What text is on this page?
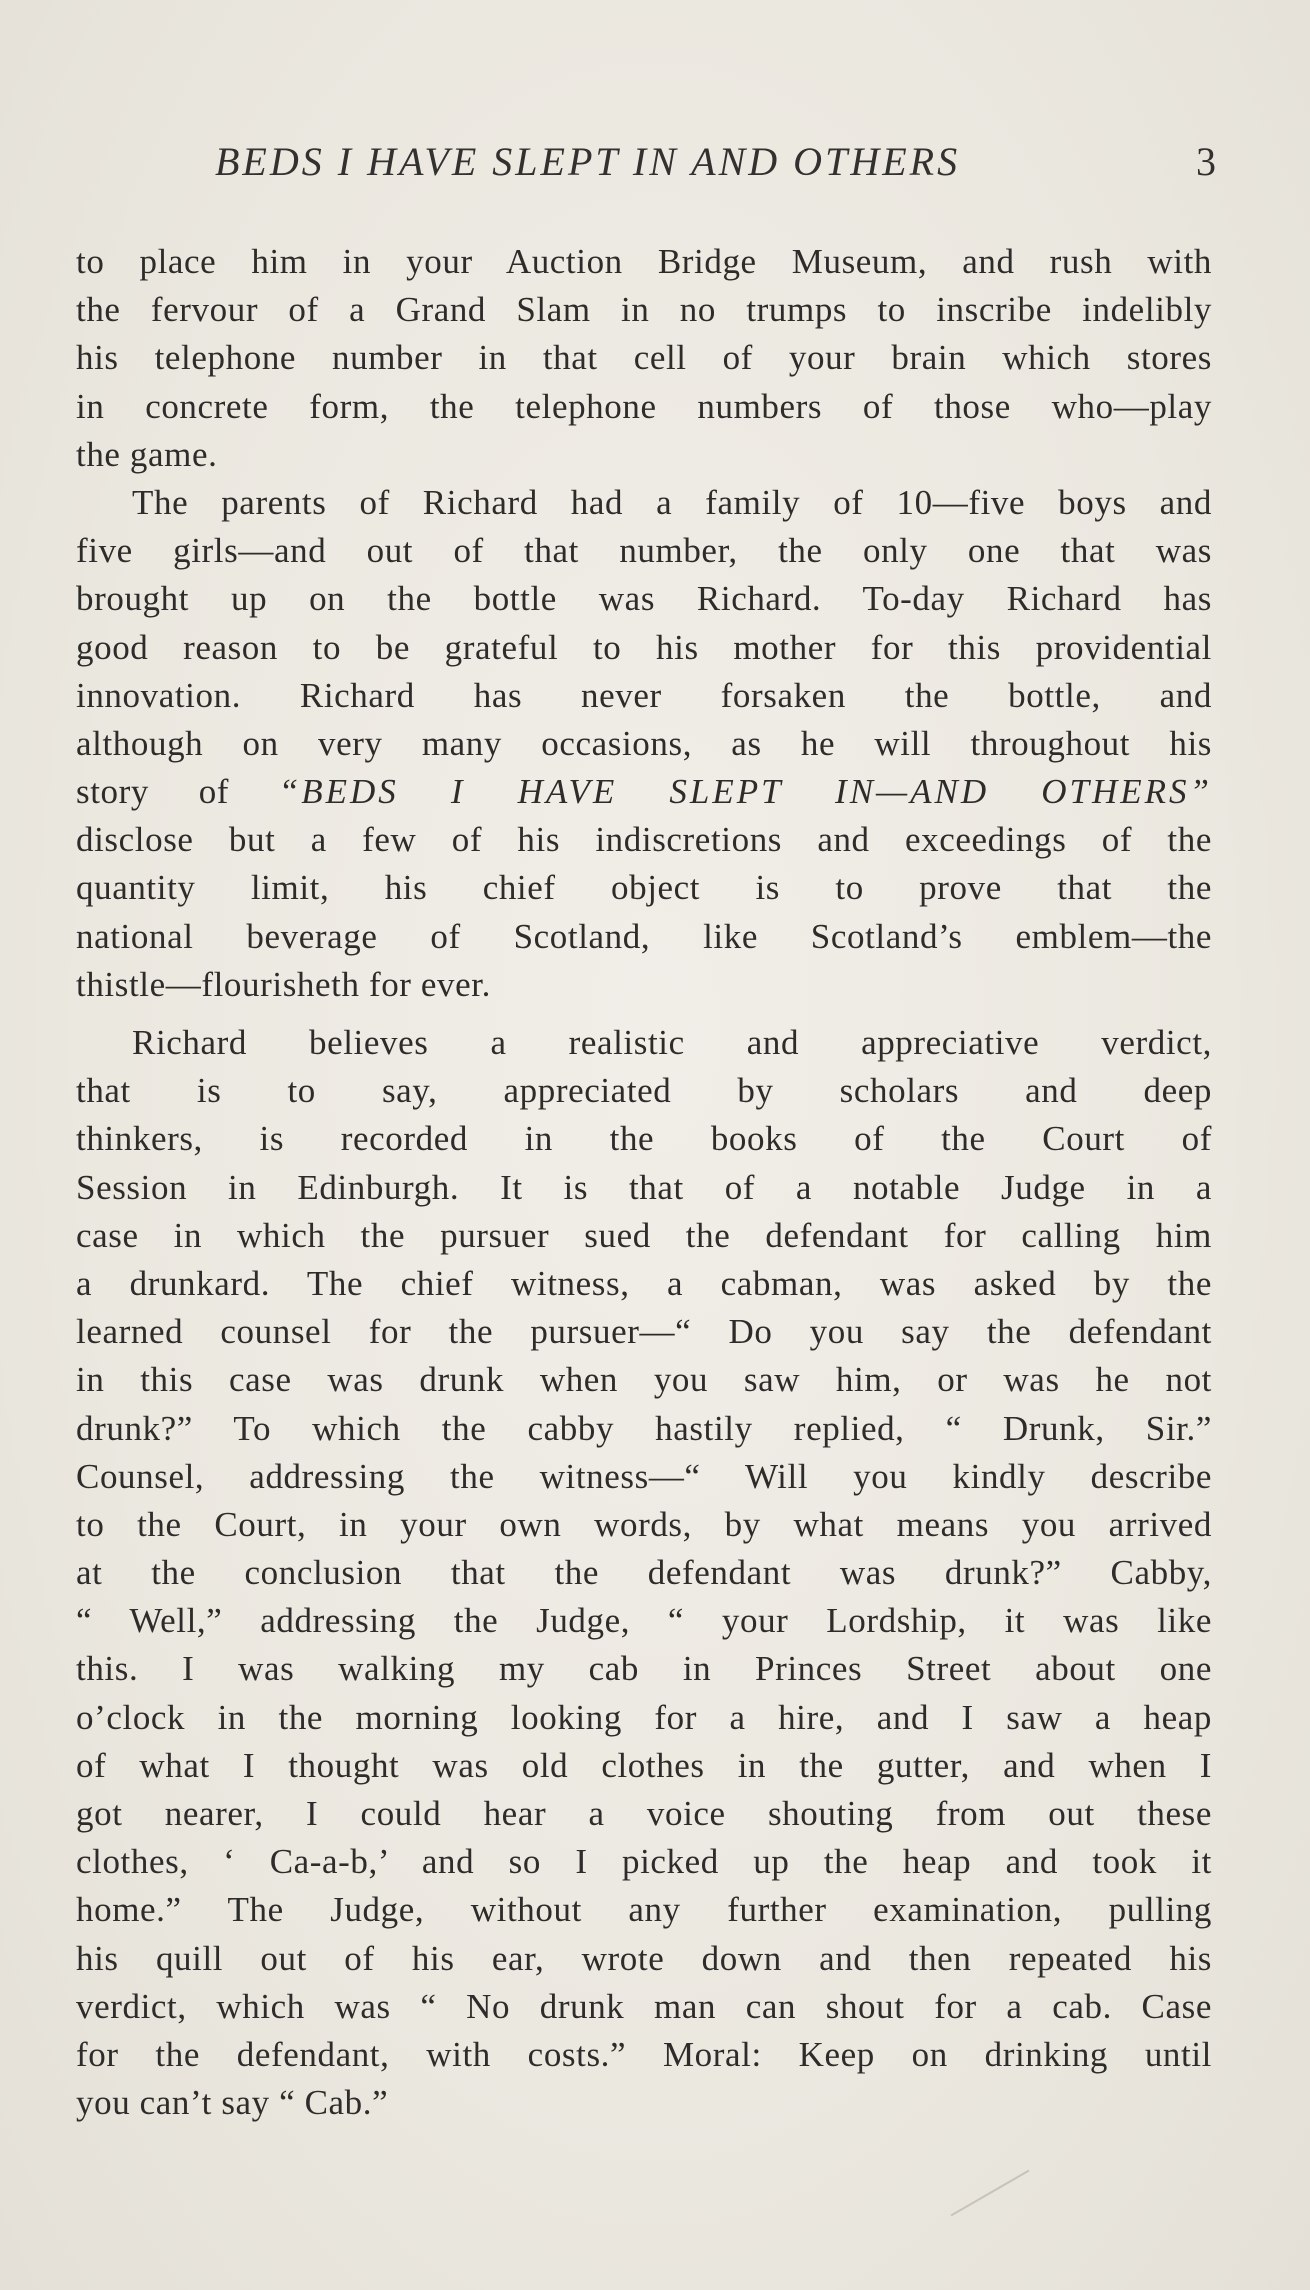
BEDS I HAVE SLEPT IN AND OTHERS	3

to place him in your Auction Bridge Museum, and rush with
the fervour of a Grand Slam in no trumps to inscribe indelibly
his telephone number in that cell of your brain which stores
in concrete form, the telephone numbers of those who—play
the game.

The parents of Richard had a family of 10—five boys and
five girls—and out of that number, the only one that was
brought up on the bottle was Richard. To-day Richard has
good reason to be grateful to his mother for this providential
innovation. Richard has never forsaken the bottle, and
although on very many occasions, as he will throughout his
story of “BEDS I HAVE SLEPT IN—AND OTHERS”
disclose but a few of his indiscretions and exceedings of the
quantity limit, his chief object is to prove that the
national beverage of Scotland, like Scotland’s emblem—the
thistle—flourisheth for ever.

Richard believes a realistic and appreciative verdict,
that is to say, appreciated by scholars and deep
thinkers, is recorded in the books of the Court of
Session in Edinburgh. It is that of a notable Judge in a
case in which the pursuer sued the defendant for calling him
a drunkard. The chief witness, a cabman, was asked by the
learned counsel for the pursuer—“ Do you say the defendant
in this case was drunk when you saw him, or was he not
drunk?” To which the cabby hastily replied, “ Drunk, Sir.”
Counsel, addressing the witness—“ Will you kindly describe
to the Court, in your own words, by what means you arrived
at the conclusion that the defendant was drunk?” Cabby,
“ Well,” addressing the Judge, “ your Lordship, it was like
this. I was walking my cab in Princes Street about one
o’clock in the morning looking for a hire, and I saw a heap
of what I thought was old clothes in the gutter, and when I
got nearer, I could hear a voice shouting from out these
clothes, ‘ Ca-a-b,’ and so I picked up the heap and took it
home.” The Judge, without any further examination, pulling
his quill out of his ear, wrote down and then repeated his
verdict, which was “ No drunk man can shout for a cab. Case
for the defendant, with costs.” Moral: Keep on drinking until
you can’t say “ Cab.”
